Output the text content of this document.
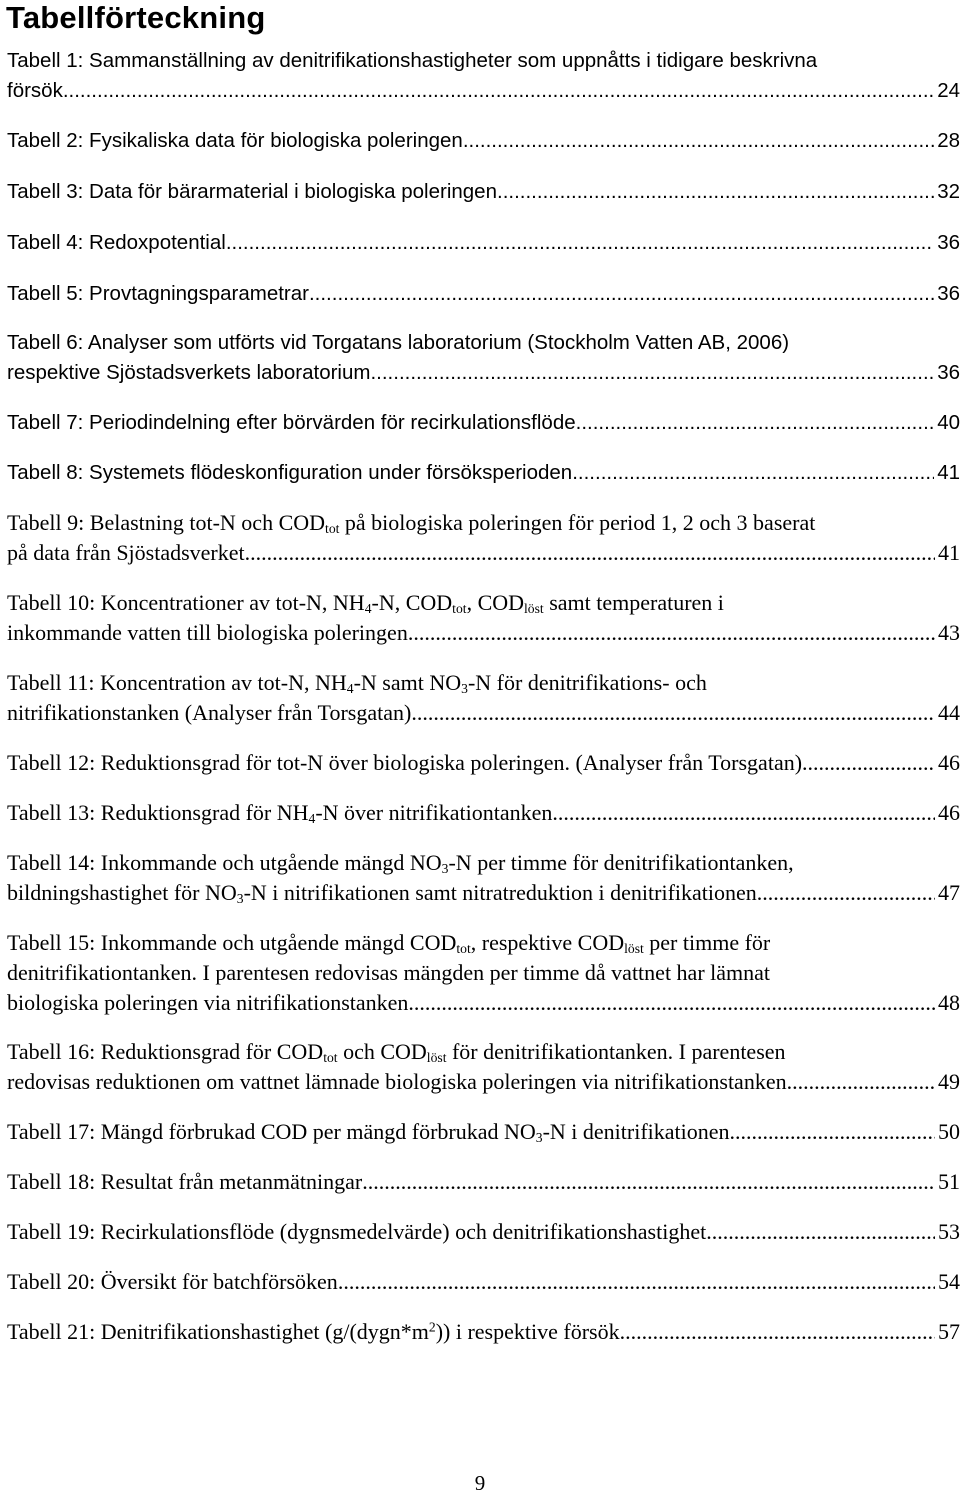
Tabellförteckning
Tabell 1: Sammanställning av denitrifikationshastigheter som uppnåtts i tidigare beskrivna
försök .....	24
Tabell 2: Fysikaliska data för biologiska poleringen .....	28
Tabell 3: Data för bärarmaterial i biologiska poleringen .....	32
Tabell 4: Redoxpotential .....	36
Tabell 5: Provtagningsparametrar .....	36
Tabell 6: Analyser som utförts vid Torgatans laboratorium (Stockholm Vatten AB, 2006)
respektive Sjöstadsverkets laboratorium .....	36
Tabell 7: Periodindelning efter börvärden för recirkulationsflöde .....	40
Tabell 8: Systemets flödeskonfiguration under försöksperioden .....	41
Tabell 9: Belastning tot-N och $COD_{tot}$ på biologiska poleringen för period 1, 2 och 3 baserat
på data från Sjöstadsverket .....	41
Tabell 10: Koncentrationer av tot-N, $NH_4-N$, $COD_{tot}$, $COD_{löst}$ samt temperaturen i
inkommande vatten till biologiska poleringen .....	43
Tabell 11: Koncentration av tot-N, $NH_4-N$ samt $NO_3-N$ för denitrifikations- och
nitrifikationstanken (Analyser från Torsgatan) .....	44
Tabell 12: Reduktionsgrad för tot-N över biologiska poleringen. (Analyser från Torsgatan) .....	46
Tabell 13: Reduktionsgrad för $NH_4-N$ över nitrifikationtanken .....	46
Tabell 14: Inkommande och utgående mängd $NO_3-N$ per timme för denitrifikationtanken,
bildningshastighet för $NO_3-N$ i nitrifikationen samt nitratreduktion i denitrifikationen .....	47
Tabell 15: Inkommande och utgående mängd $COD_{tot}$, respektive $COD_{löst}$ per timme för
denitrifikationtanken. I parentesen redovisas mängden per timme då vattnet har lämnat
biologiska poleringen via nitrifikationstanken. .....	48
Tabell 16: Reduktionsgrad för $COD_{tot}$ och $COD_{löst}$ för denitrifikationtanken. I parentesen
redovisas reduktionen om vattnet lämnade biologiska poleringen via nitrifikationstanken. .....	49
Tabell 17: Mängd förbrukad COD per mängd förbrukad $NO_3-N$ i denitrifikationen .....	50
Tabell 18: Resultat från metanmätningar .....	51
Tabell 19: Recirkulationsflöde (dygnsmedelvärde) och denitrifikationshastighet .....	53
Tabell 20: Översikt för batchförsöken .....	54
Tabell 21: Denitrifikationshastighet $(g/(dygn*m^2))$ i respektive försök .....	57
9
